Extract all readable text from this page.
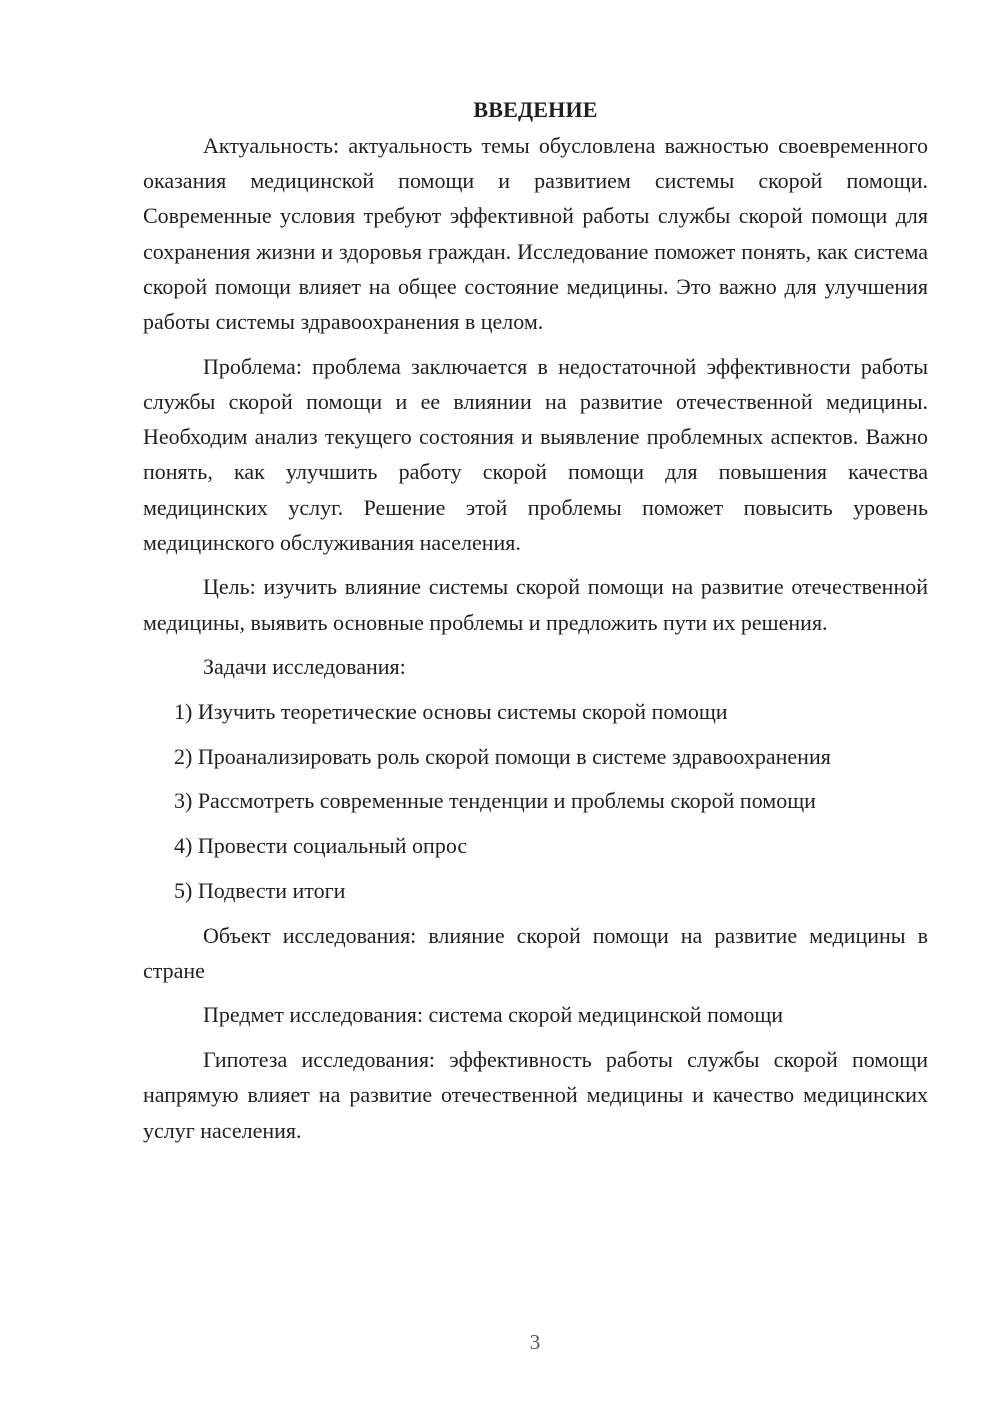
ВВЕДЕНИЕ

Актуальность: актуальность темы обусловлена важностью своевременного оказания медицинской помощи и развитием системы скорой помощи. Современные условия требуют эффективной работы службы скорой помощи для сохранения жизни и здоровья граждан. Исследование поможет понять, как система скорой помощи влияет на общее состояние медицины. Это важно для улучшения работы системы здравоохранения в целом.

Проблема: проблема заключается в недостаточной эффективности работы службы скорой помощи и ее влиянии на развитие отечественной медицины. Необходим анализ текущего состояния и выявление проблемных аспектов. Важно понять, как улучшить работу скорой помощи для повышения качества медицинских услуг. Решение этой проблемы поможет повысить уровень медицинского обслуживания населения.

Цель: изучить влияние системы скорой помощи на развитие отечественной медицины, выявить основные проблемы и предложить пути их решения.

Задачи исследования:

1) Изучить теоретические основы системы скорой помощи
2) Проанализировать роль скорой помощи в системе здравоохранения
3) Рассмотреть современные тенденции и проблемы скорой помощи
4) Провести социальный опрос
5) Подвести итоги

Объект исследования: влияние скорой помощи на развитие медицины в стране

Предмет исследования: система скорой медицинской помощи

Гипотеза исследования: эффективность работы службы скорой помощи напрямую влияет на развитие отечественной медицины и качество медицинских услуг населения.

3
